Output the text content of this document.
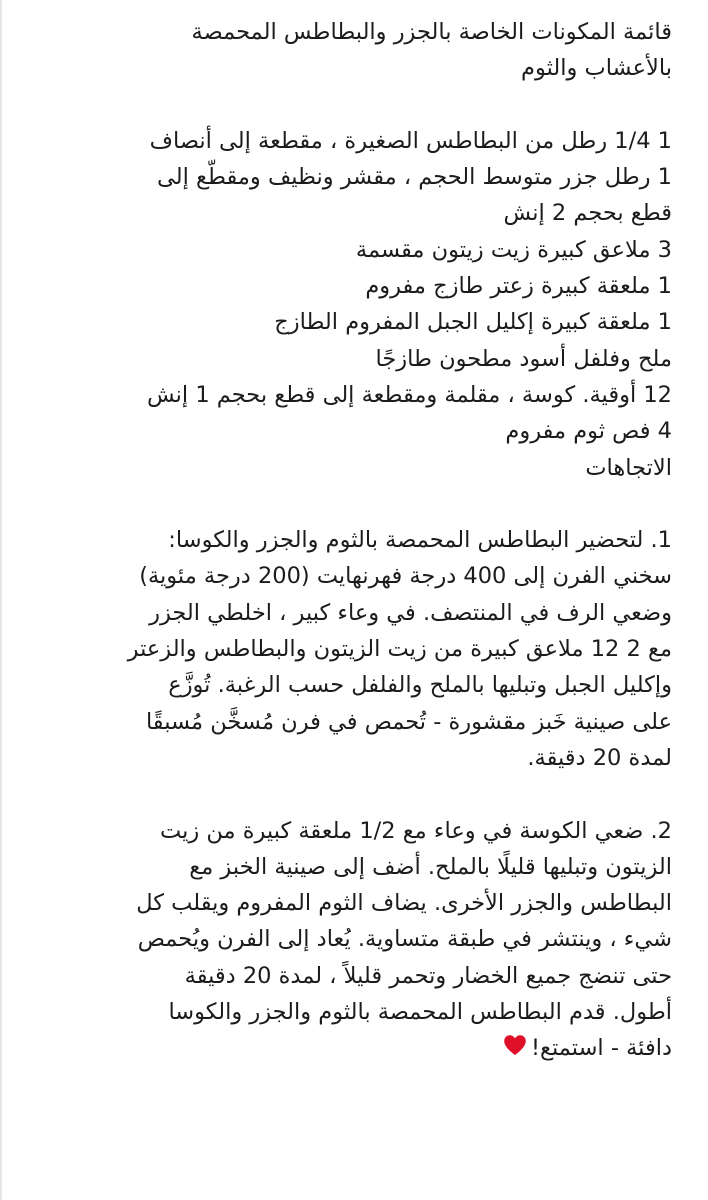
قائمة المكونات الخاصة بالجزر والبطاطس المحمصة
بالأعشاب والثوم
1 1/4 رطل من البطاطس الصغيرة ، مقطعة إلى أنصاف
1 رطل جزر متوسط الحجم ، مقشر ونظيف ومقطّع إلى
قطع بحجم 2 إنش
3 ملاعق كبيرة زيت زيتون مقسمة
1 ملعقة كبيرة زعتر طازج مفروم
1 ملعقة كبيرة إكليل الجبل المفروم الطازج
ملح وفلفل أسود مطحون طازجًا
12 أوقية. كوسة ، مقلمة ومقطعة إلى قطع بحجم 1 إنش
4 فص ثوم مفروم
الاتجاهات
1. لتحضير البطاطس المحمصة بالثوم والجزر والكوسا:
سخني الفرن إلى 400 درجة فهرنهايت (200 درجة مئوية)
وضعي الرف في المنتصف. في وعاء كبير ، اخلطي الجزر
مع 2 12 ملاعق كبيرة من زيت الزيتون والبطاطس والزعتر
وإكليل الجبل وتبليها بالملح والفلفل حسب الرغبة. تُوزَّع
على صينية خَبز مقشورة - تُحمص في فرن مُسخَّن مُسبقًا
لمدة 20 دقيقة.
2. ضعي الكوسة في وعاء مع 1/2 ملعقة كبيرة من زيت
الزيتون وتبليها قليلًا بالملح. أضف إلى صينية الخبز مع
البطاطس والجزر الأخرى. يضاف الثوم المفروم ويقلب كل
شيء ، وينتشر في طبقة متساوية. يُعاد إلى الفرن ويُحمص
حتى تنضج جميع الخضار وتحمر قليلاً ، لمدة 20 دقيقة
أطول. قدم البطاطس المحمصة بالثوم والجزر والكوسا
دافئة - استمتع!
